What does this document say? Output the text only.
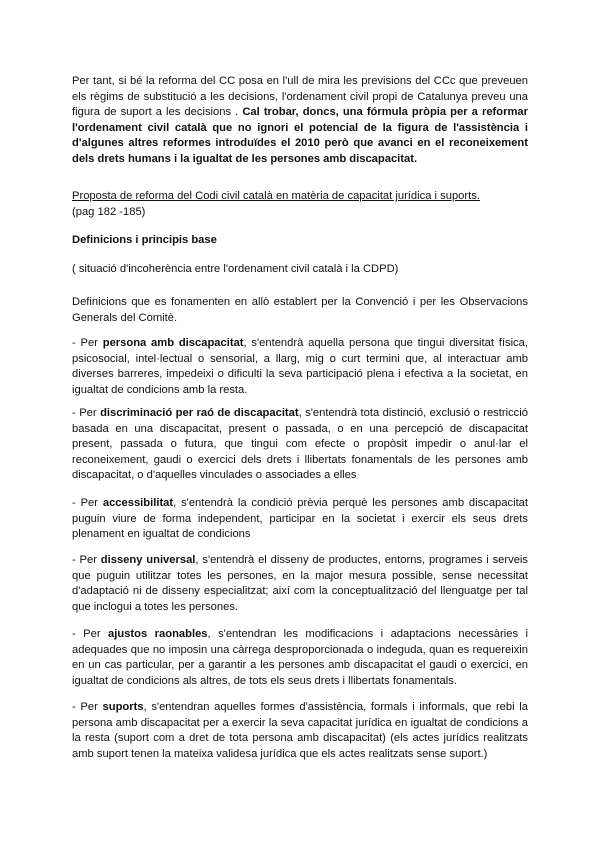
Per tant, si bé la reforma del CC posa en l'ull de mira les previsions del CCc que preveuen els règims de substitució a les decisions, l'ordenament civil propi de Catalunya preveu una figura de suport a les decisions . Cal trobar, doncs, una fórmula pròpia per a reformar l'ordenament civil català que no ignori el potencial de la figura de l'assistència i d'algunes altres reformes introduïdes el 2010 però que avanci en el reconeixement dels drets humans i la igualtat de les persones amb discapacitat.

Proposta de reforma del Codi civil català en matèria de capacitat jurídica i suports.
(pag 182 -185)

Definicions i principis base

( situació d'incoherència entre l'ordenament civil català i la CDPD)

Definicions que es fonamenten en allò establert per la Convenció i per les Observacions Generals del Comitè.

- Per persona amb discapacitat, s'entendrà aquella persona que tingui diversitat física, psicosocial, intel·lectual o sensorial, a llarg, mig o curt termini que, al interactuar amb diverses barreres, impedeixi o dificulti la seva participació plena i efectiva a la societat, en igualtat de condicions amb la resta.

- Per discriminació per raó de discapacitat, s'entendrà tota distinció, exclusió o restricció basada en una discapacitat, present o passada, o en una percepció de discapacitat present, passada o futura, que tingui com efecte o propòsit impedir o anul·lar el reconeixement, gaudi o exercici dels drets i llibertats fonamentals de les persones amb discapacitat, o d'aquelles vinculades o associades a elles

- Per accessibilitat, s'entendrà la condició prèvia perquè les persones amb discapacitat puguin viure de forma independent, participar en la societat i exercir els seus drets plenament en igualtat de condicions

- Per disseny universal, s'entendrà el disseny de productes, entorns, programes i serveis que puguin utilitzar totes les persones, en la major mesura possible, sense necessitat d'adaptació ni de disseny especialitzat; així com la conceptualització del llenguatge per tal que inclogui a totes les persones.

- Per ajustos raonables, s'entendran les modificacions i adaptacions necessàries i adequades que no imposin una càrrega desproporcionada o indeguda, quan es requereixin en un cas particular, per a garantir a les persones amb discapacitat el gaudi o exercici, en igualtat de condicions als altres, de tots els seus drets i llibertats fonamentals.

- Per suports, s'entendran aquelles formes d'assistència, formals i informals, que rebi la persona amb discapacitat per a exercir la seva capacitat jurídica en igualtat de condicions a la resta (suport com a dret de tota persona amb discapacitat) (els actes jurídics realitzats amb suport tenen la mateixa validesa jurídica que els actes realitzats sense suport.)
